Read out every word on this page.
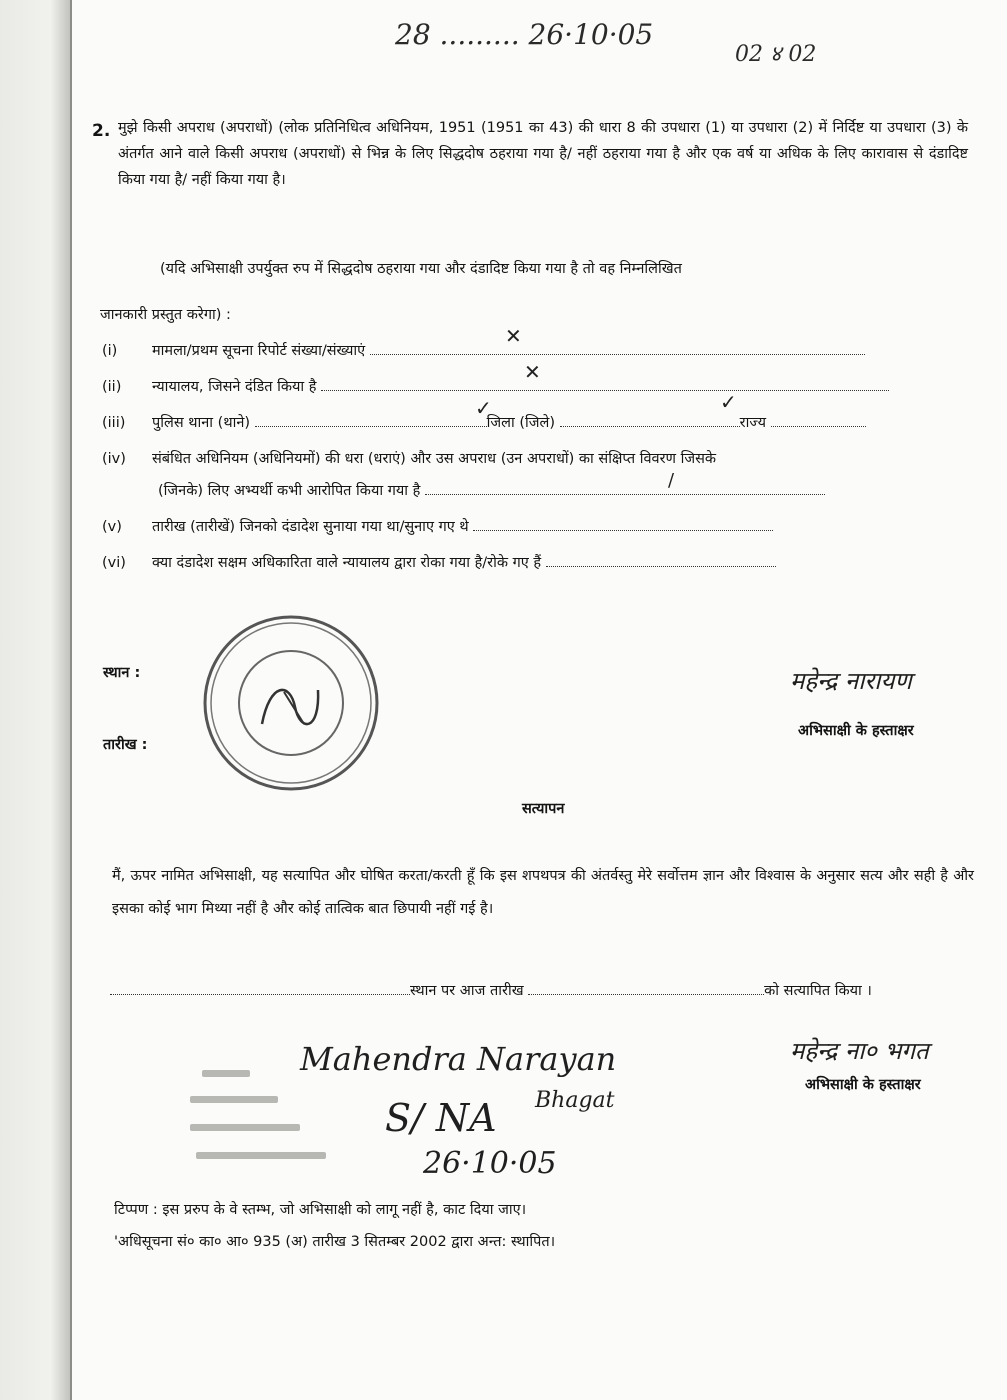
28 ......... 26·10·05
02 ४ 02
2. मुझे किसी अपराध (अपराधों) (लोक प्रतिनिधित्व अधिनियम, 1951 (1951 का 43) की धारा 8 की उपधारा (1) या उपधारा (2) में निर्दिष्ट या उपधारा (3) के अंतर्गत आने वाले किसी अपराध (अपराधों) से भिन्न के लिए सिद्धदोष ठहराया गया है/ नहीं ठहराया गया है और एक वर्ष या अधिक के लिए कारावास से दंडादिष्ट किया गया है/ नहीं किया गया है।
(यदि अभिसाक्षी उपर्युक्त रुप में सिद्धदोष ठहराया गया और दंडादिष्ट किया गया है तो वह निम्नलिखित
जानकारी प्रस्तुत करेगा) :
(i) मामला/प्रथम सूचना रिपोर्ट संख्या/संख्याएं
✕
(ii) न्यायालय, जिसने दंडित किया है
✕
(iii) पुलिस थाना (थाने)	जिला (जिले)	राज्य
✓	✓
(iv) संबंधित अधिनियम (अधिनियमों) की धरा (धराएं) और उस अपराध (उन अपराधों) का संक्षिप्त विवरण जिसके
(जिनके) लिए अभ्यर्थी कभी आरोपित किया गया है	/
(v) तारीख (तारीखें) जिनको दंडादेश सुनाया गया था/सुनाए गए थे
(vi) क्या दंडादेश सक्षम अधिकारिता वाले न्यायालय द्वारा रोका गया है/रोके गए हैं
स्थान :
तारीख :
महेन्द्र नारायण
अभिसाक्षी के हस्ताक्षर
सत्यापन
मैं, ऊपर नामित अभिसाक्षी, यह सत्यापित और घोषित करता/करती हूँ कि इस शपथपत्र की अंतर्वस्तु मेरे सर्वोत्तम ज्ञान और विश्वास के अनुसार सत्य और सही है और इसका कोई भाग मिथ्या नहीं है और कोई तात्विक बात छिपायी नहीं गई है।
स्थान पर आज तारीख	को सत्यापित किया ।
महेन्द्र ना० भगत
अभिसाक्षी के हस्ताक्षर
Mahendra Narayan
Bhagat
S/ NA
26·10·05
टिप्पण : इस प्ररुप के वे स्तम्भ, जो अभिसाक्षी को लागू नहीं है, काट दिया जाए।
'अधिसूचना सं० का० आ० 935 (अ) तारीख 3 सितम्बर 2002 द्वारा अन्त: स्थापित।
